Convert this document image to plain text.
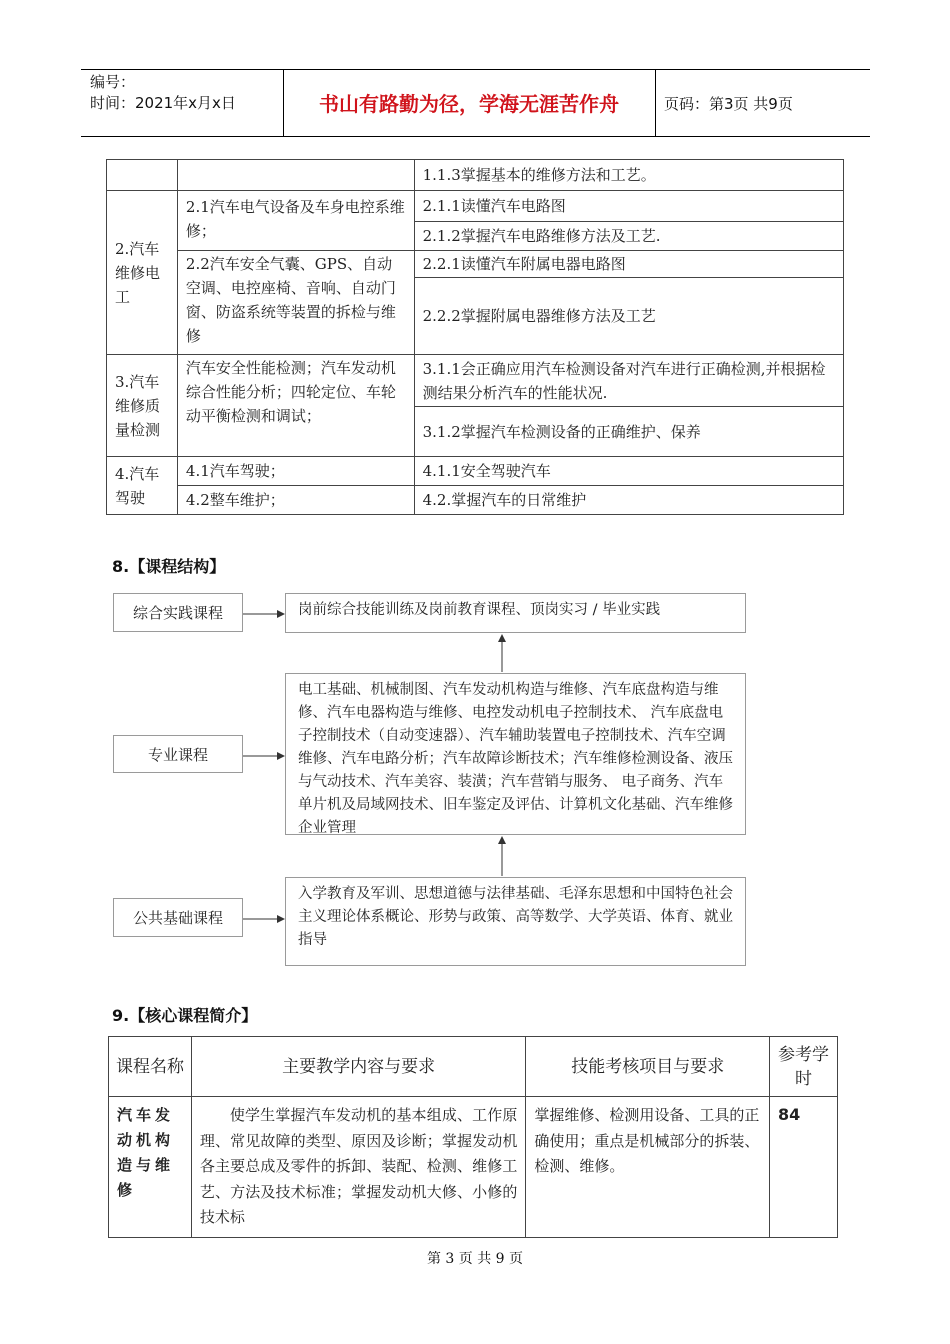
编号：
时间：2021年x月x日	书山有路勤为径，学海无涯苦作舟	页码：第3页 共9页
		1.1.3掌握基本的维修方法和工艺。
2.汽车维修电工	2.1汽车电气设备及车身电控系维修；	2.1.1读懂汽车电路图
		2.1.2掌握汽车电路维修方法及工艺.
	2.2汽车安全气囊、GPS、自动空调、电控座椅、音响、自动门窗、防盗系统等装置的拆检与维修	2.2.1读懂汽车附属电器电路图
		2.2.2掌握附属电器维修方法及工艺
3.汽车维修质量检测	汽车安全性能检测；汽车发动机综合性能分析；四轮定位、车轮动平衡检测和调试；	3.1.1会正确应用汽车检测设备对汽车进行正确检测,并根据检测结果分析汽车的性能状况.
		3.1.2掌握汽车检测设备的正确维护、保养
4.汽车驾驶	4.1汽车驾驶；	4.1.1安全驾驶汽车
	4.2整车维护；	4.2.掌握汽车的日常维护
8.【课程结构】
综合实践课程	岗前综合技能训练及岗前教育课程、顶岗实习 / 毕业实践
专业课程
电工基础、机械制图、汽车发动机构造与维修、汽车底盘构造与维修、汽车电器构造与维修、电控发动机电子控制技术、 汽车底盘电子控制技术（自动变速器）、汽车辅助装置电子控制技术、汽车空调维修、汽车电路分析；汽车故障诊断技术；汽车维修检测设备、液压与气动技术、汽车美容、装潢；汽车营销与服务、 电子商务、汽车单片机及局域网技术、旧车鉴定及评估、计算机文化基础、汽车维修企业管理
公共基础课程
入学教育及军训、思想道德与法律基础、毛泽东思想和中国特色社会主义理论体系概论、形势与政策、高等数学、大学英语、体育、就业指导
9.【核心课程简介】
课程名称	主要教学内容与要求	技能考核项目与要求	参考学时
汽车发动机构造与维修	使学生掌握汽车发动机的基本组成、工作原理、常见故障的类型、原因及诊断；掌握发动机各主要总成及零件的拆卸、装配、检测、维修工艺、方法及技术标准；掌握发动机大修、小修的技术标	掌握维修、检测用设备、工具的正确使用；重点是机械部分的拆装、检测、维修。	84
第 3 页 共 9 页
